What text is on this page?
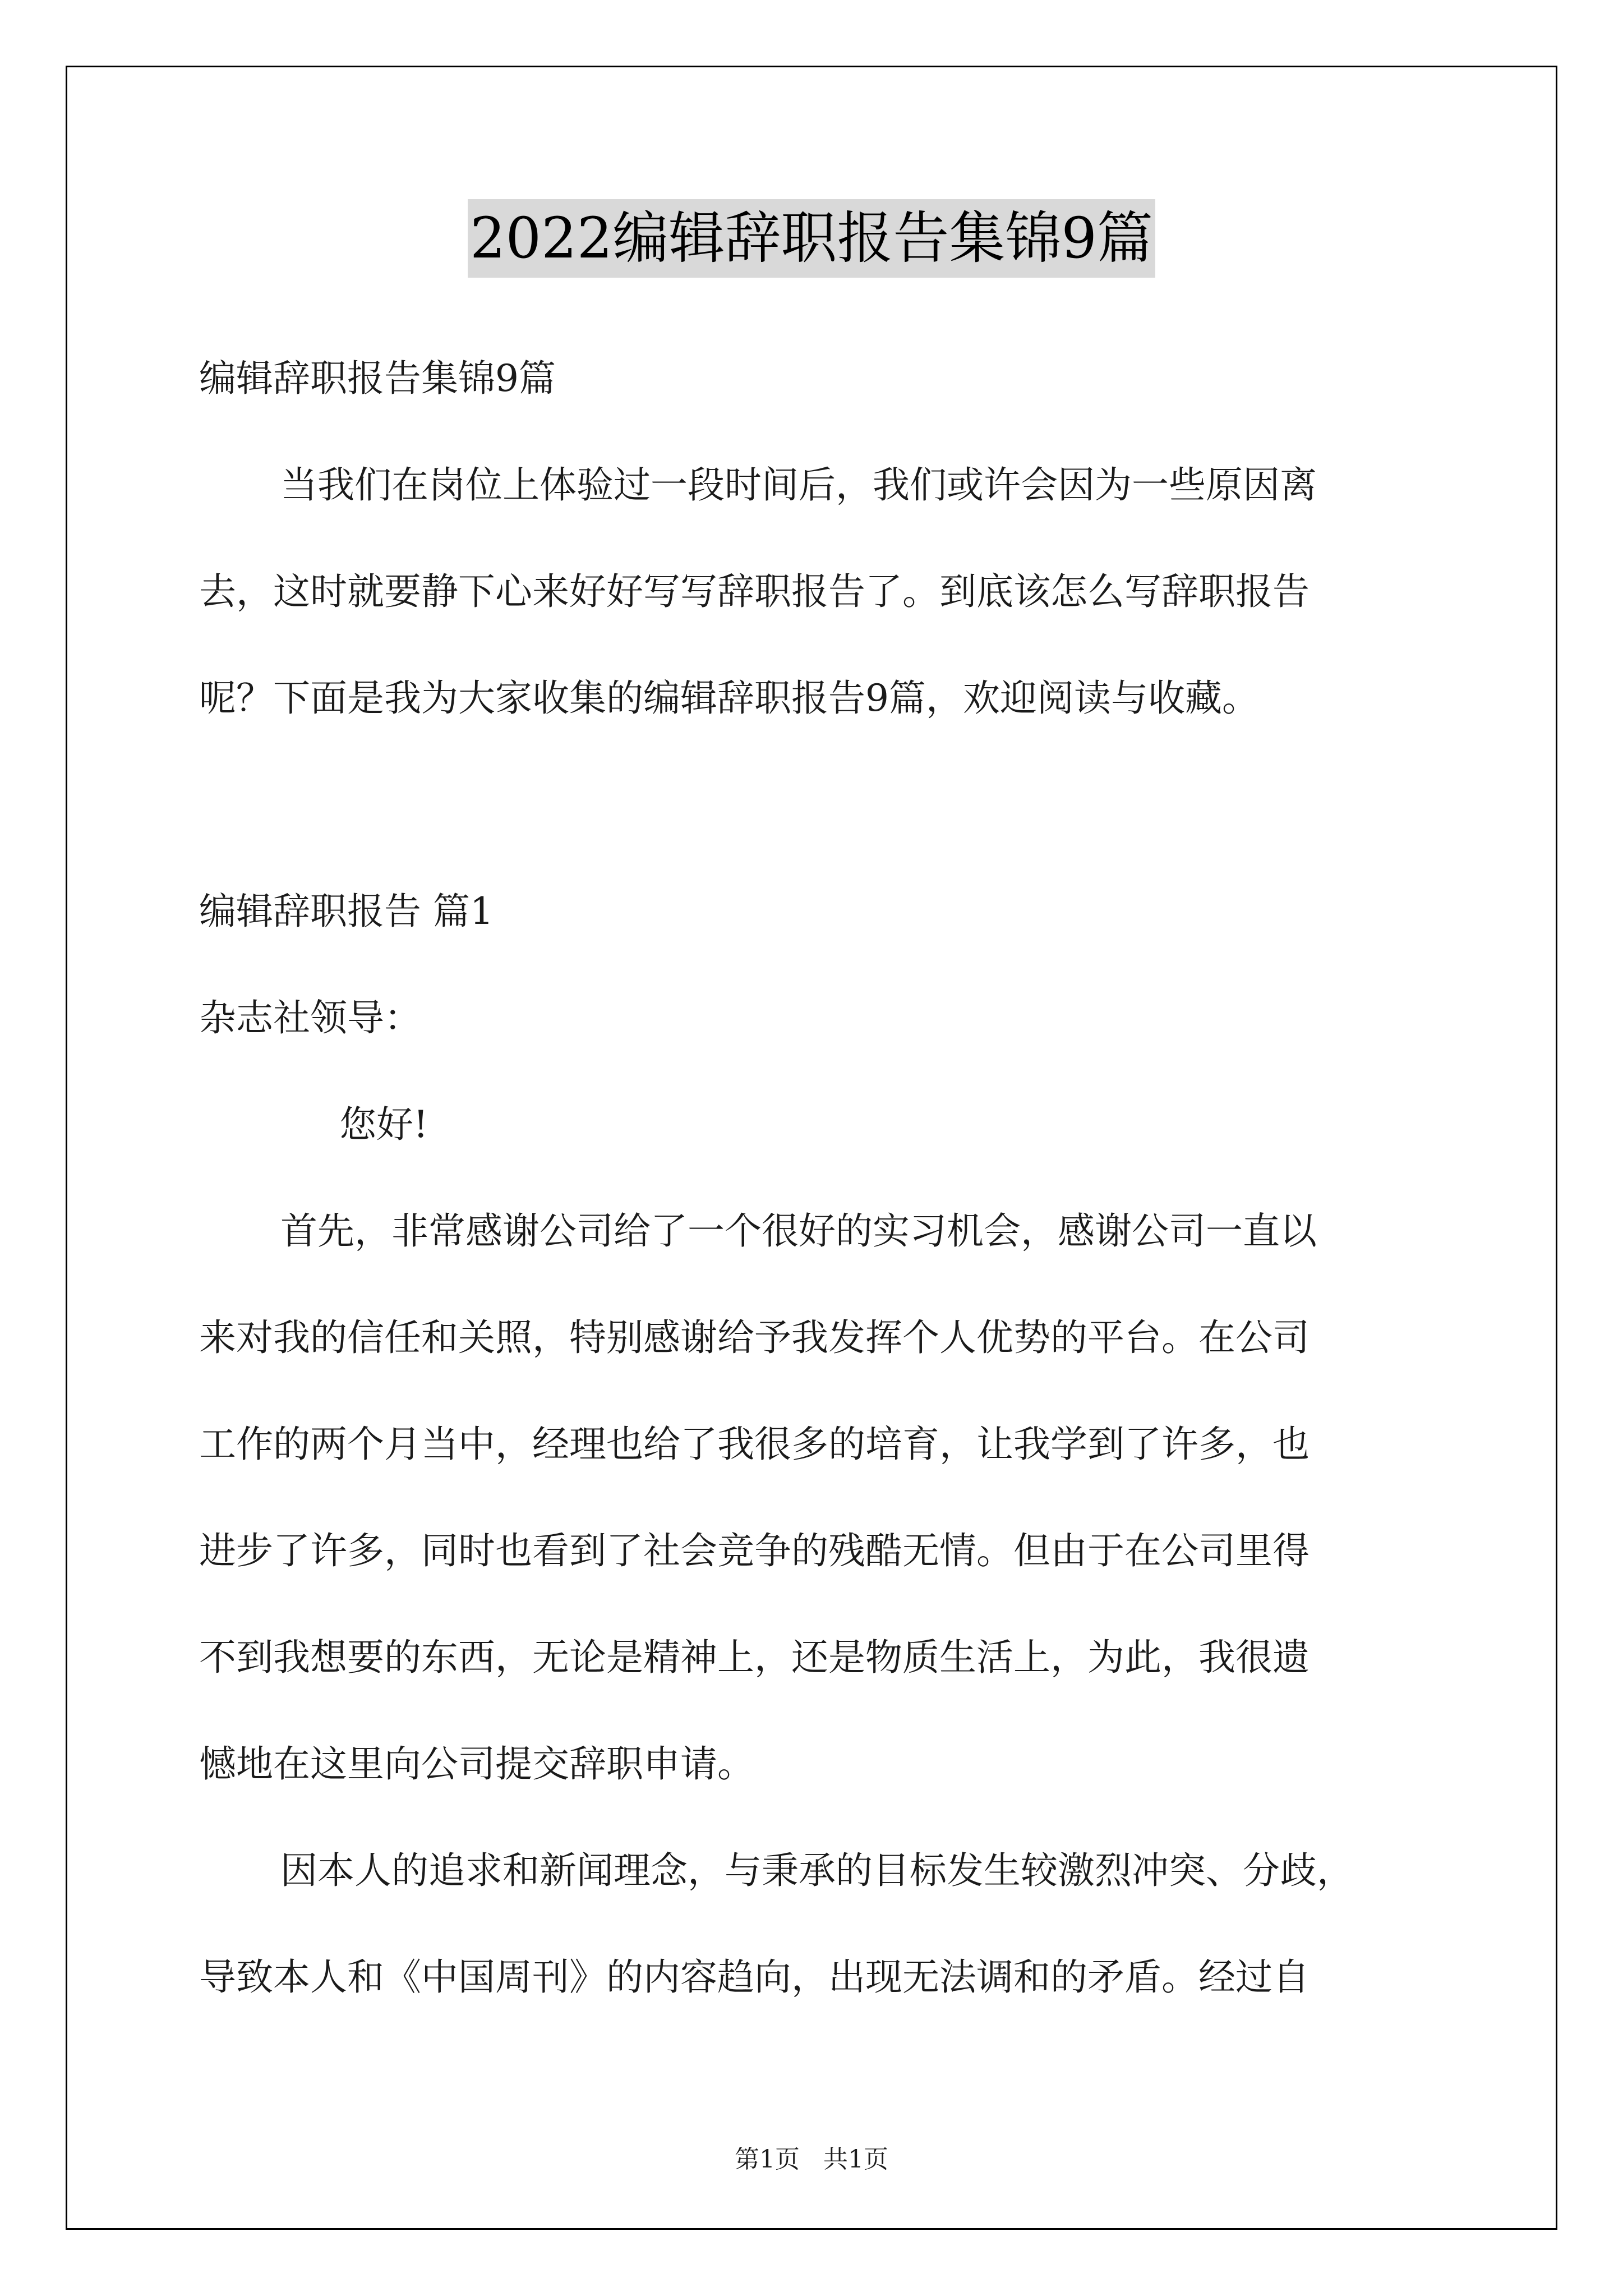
2022编辑辞职报告集锦9篇
编辑辞职报告集锦9篇
当我们在岗位上体验过一段时间后，我们或许会因为一些原因离
去，这时就要静下心来好好写写辞职报告了。到底该怎么写辞职报告
呢？下面是我为大家收集的编辑辞职报告9篇，欢迎阅读与收藏。
编辑辞职报告 篇1
杂志社领导：
您好!
首先，非常感谢公司给了一个很好的实习机会，感谢公司一直以
来对我的信任和关照，特别感谢给予我发挥个人优势的平台。在公司
工作的两个月当中，经理也给了我很多的培育，让我学到了许多，也
进步了许多，同时也看到了社会竞争的残酷无情。但由于在公司里得
不到我想要的东西，无论是精神上，还是物质生活上，为此，我很遗
憾地在这里向公司提交辞职申请。
因本人的追求和新闻理念，与秉承的目标发生较激烈冲突、分歧，
导致本人和《中国周刊》的内容趋向，出现无法调和的矛盾。经过自
第1页   共1页
